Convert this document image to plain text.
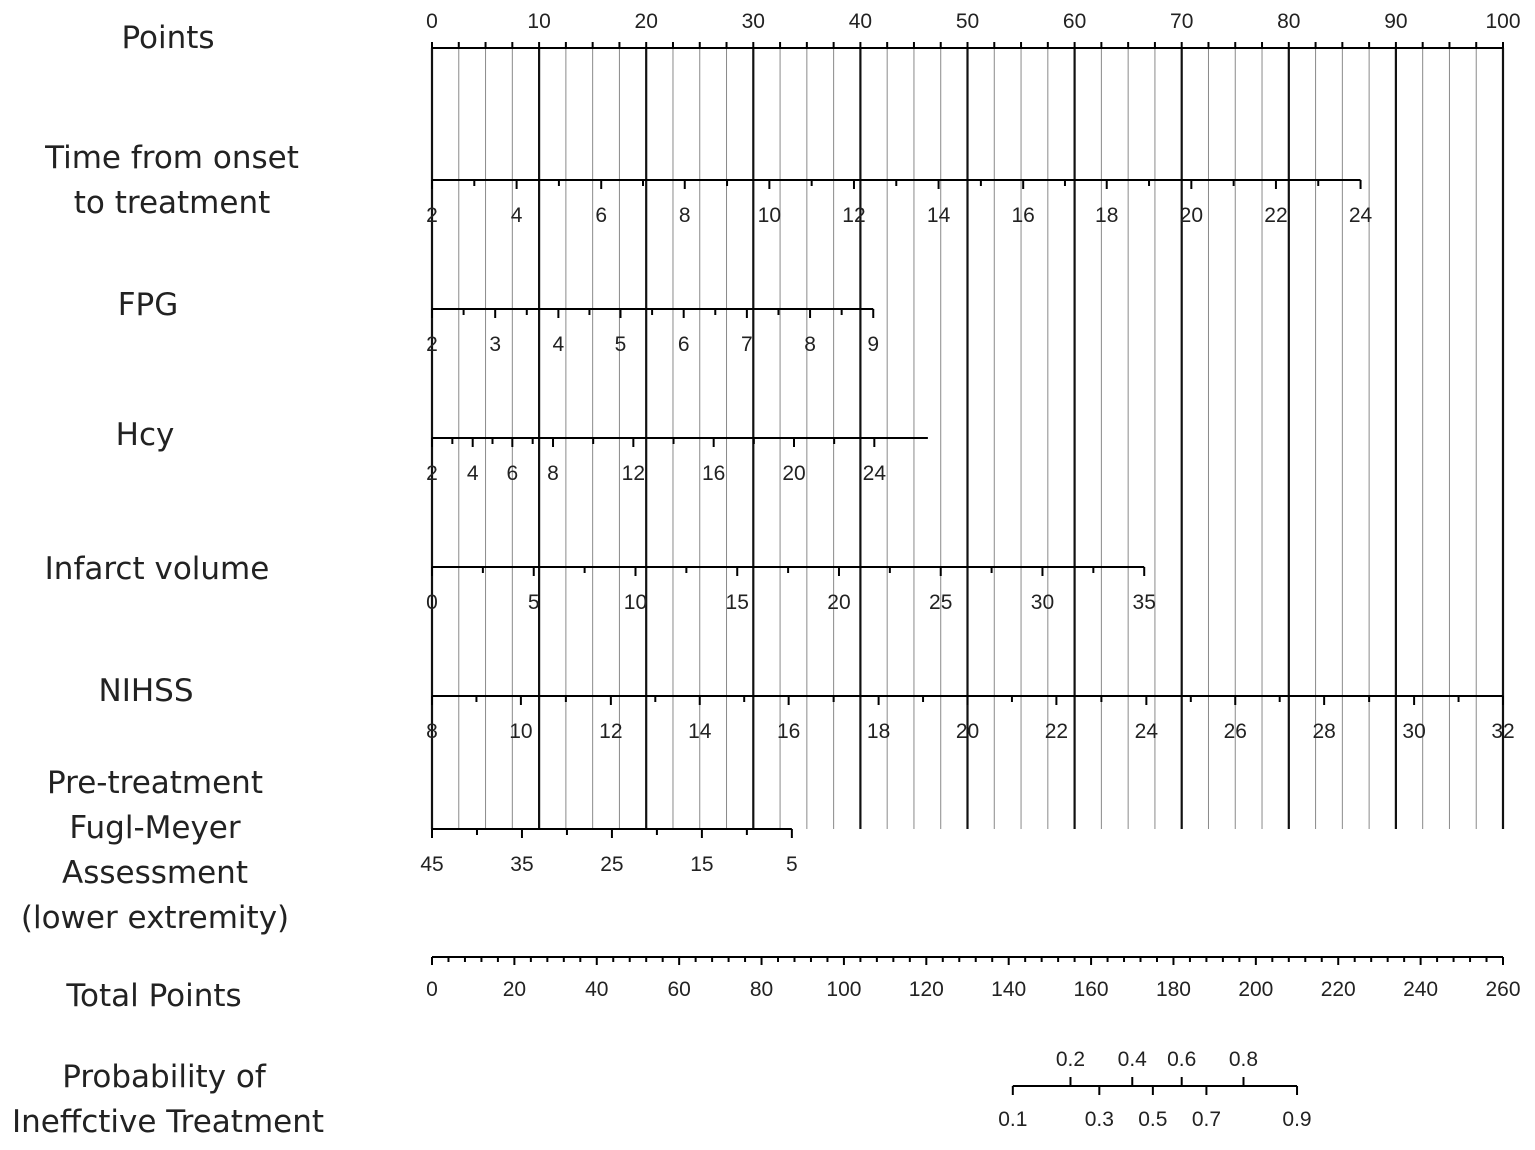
0	10	20	30	40	50	60	70	80	90	100
2	4	6	8	10	12	14	16	18	20	22	24
2 3 4 5 6 7 8 9
2 4 6 8	12	16	20	24
0	5	10	15	20	25	30	35
8	10	12	14	16	18	20	22	24	26	28	30	32
45	35	25	15	5
0	20	40	60	80	100 120 140 160 180 200 220 240 260
0.2 0.4 0.6 0.8
0.1	0.3 0.5 0.7	0.9
Time from onset
to treatment
FPG
Hcy
Infarct volume
NIHSS
Pre-treatment
Fugl-Meyer
Assessment
(lower extremity)
Points
Total Points
Probability of
Ineffctive Treatment
